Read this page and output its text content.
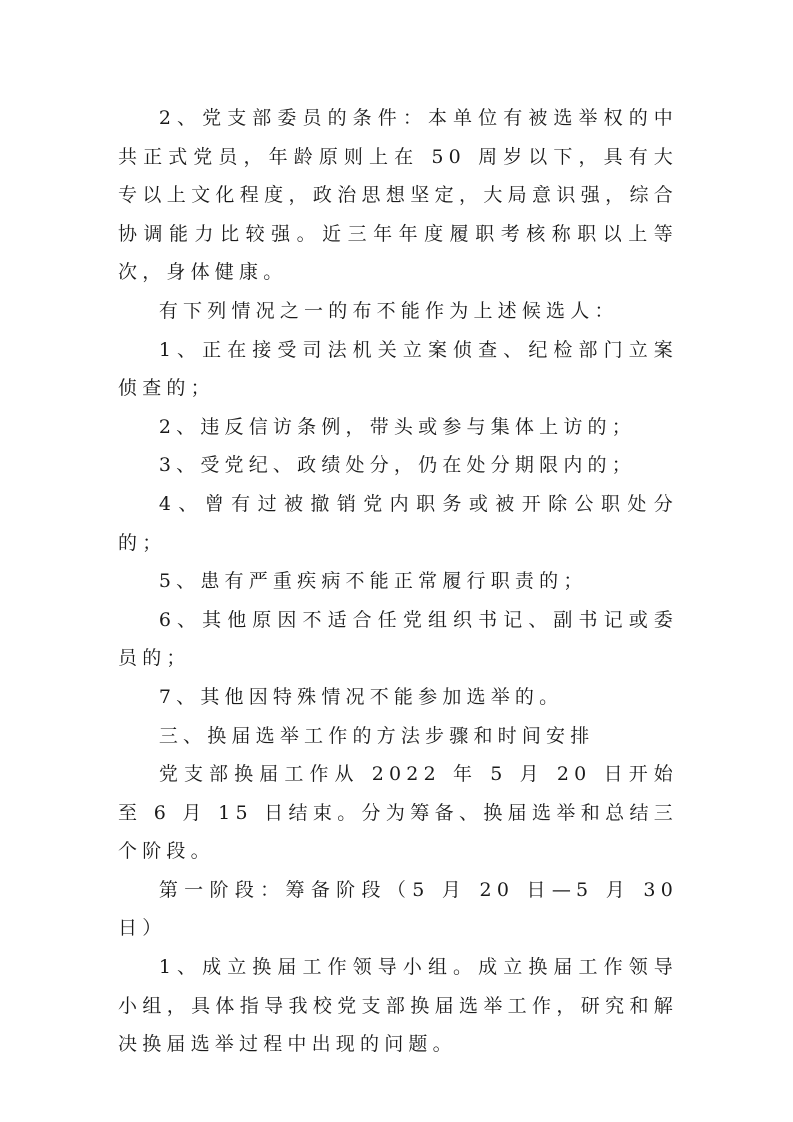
2、党支部委员的条件：本单位有被选举权的中共正式党员，年龄原则上在 50 周岁以下，具有大专以上文化程度，政治思想坚定，大局意识强，综合协调能力比较强。近三年年度履职考核称职以上等次，身体健康。

有下列情况之一的布不能作为上述候选人：

1、正在接受司法机关立案侦查、纪检部门立案侦查的；

2、违反信访条例，带头或参与集体上访的；

3、受党纪、政绩处分，仍在处分期限内的；

4、曾有过被撤销党内职务或被开除公职处分的；

5、患有严重疾病不能正常履行职责的；

6、其他原因不适合任党组织书记、副书记或委员的；

7、其他因特殊情况不能参加选举的。

三、换届选举工作的方法步骤和时间安排

党支部换届工作从 2022 年 5 月 20 日开始至 6 月 15 日结束。分为筹备、换届选举和总结三个阶段。

第一阶段：筹备阶段（5 月 20 日—5 月 30 日）

1、成立换届工作领导小组。成立换届工作领导小组，具体指导我校党支部换届选举工作，研究和解决换届选举过程中出现的问题。
